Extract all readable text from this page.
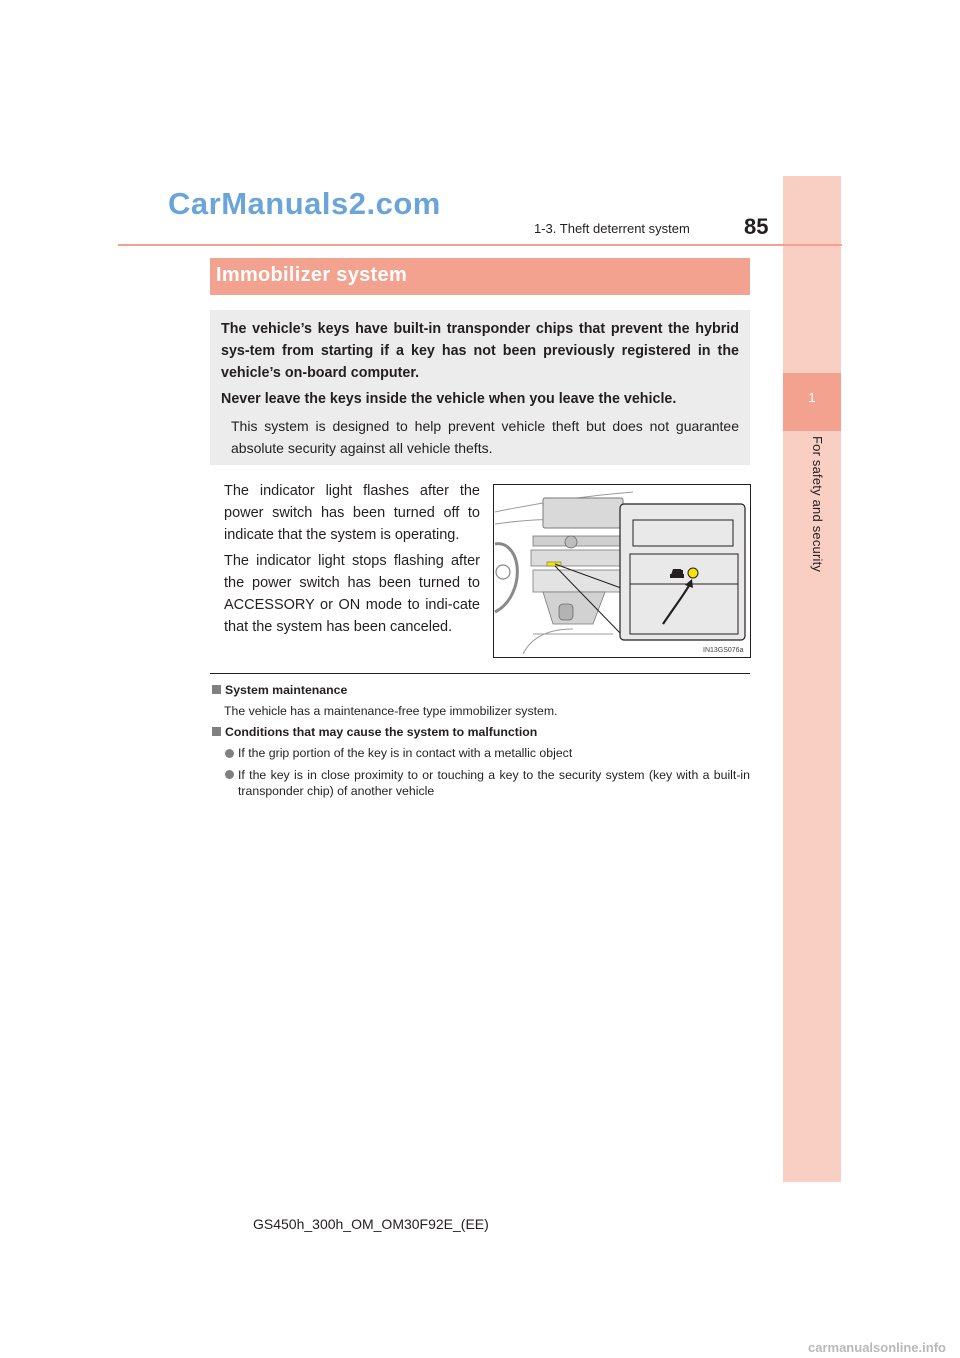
1
For safety and security
CarManuals2.com
1-3. Theft deterrent system 85
Immobilizer system
The vehicle’s keys have built-in transponder chips that prevent the hybrid sys-tem from starting if a key has not been previously registered in the vehicle’s on-board computer.
Never leave the keys inside the vehicle when you leave the vehicle.
This system is designed to help prevent vehicle theft but does not guarantee absolute security against all vehicle thefts.
The indicator light flashes after the power switch has been turned off to indicate that the system is operating.
The indicator light stops flashing after the power switch has been turned to ACCESSORY or ON mode to indi-cate that the system has been canceled.
IN13GS076a
System maintenance
The vehicle has a maintenance-free type immobilizer system.
Conditions that may cause the system to malfunction
If the grip portion of the key is in contact with a metallic object
If the key is in close proximity to or touching a key to the security system (key with a built-in transponder chip) of another vehicle
GS450h_300h_OM_OM30F92E_(EE)
carmanualsonline.info
